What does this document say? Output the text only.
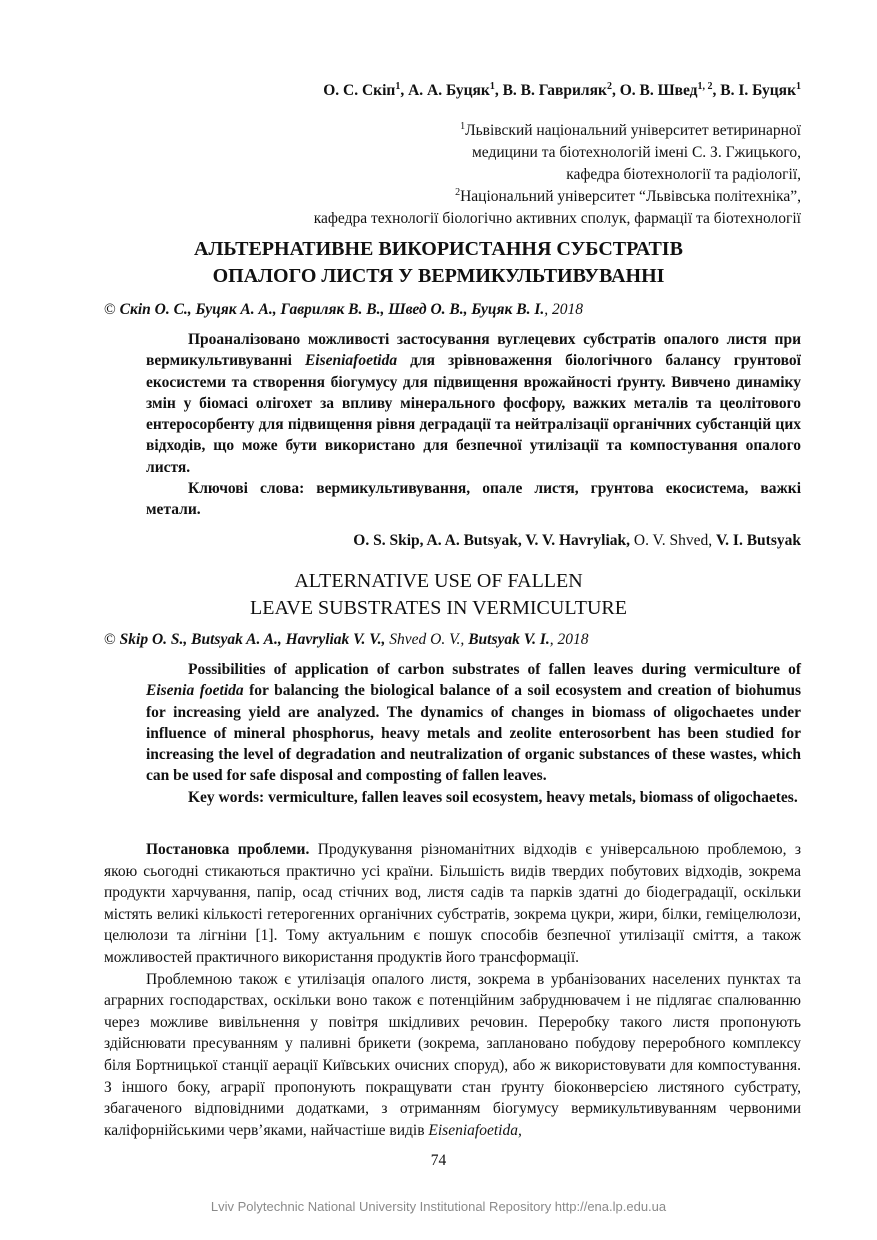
О. С. Скіп$^1$, А. А. Буцяк$^1$, В. В. Гавриляк$^2$, О. В. Швед$^{1, 2}$, В. І. Буцяк$^1$
$^1$Львівский національний університет ветиринарної
медицини та біотехнологій імені С. З. Гжицького,
кафедра біотехнології та радіології,
$^2$Національний університет “Львівська політехніка”,
кафедра технології біологічно активних сполук, фармації та біотехнології
АЛЬТЕРНАТИВНЕ ВИКОРИСТАННЯ СУБСТРАТІВ
ОПАЛОГО ЛИСТЯ У ВЕРМИКУЛЬТИВУВАННІ
© Скіп О. С., Буцяк А. А., Гавриляк В. В., Швед О. В., Буцяк В. І., 2018

Проаналізовано можливості застосування вуглецевих субстратів опалого листя при вермикультивуванні Eiseniafoetida для зрівноваження біологічного балансу грунтової екосистеми та створення біогумусу для підвищення врожайності ґрунту. Вивчено динаміку змін у біомасі олігохет за впливу мінерального фосфору, важких металів та цеолітового ентеросорбенту для підвищення рівня деградації та нейтралізації органічних субстанцій цих відходів, що може бути використано для безпечної утилізації та компостування опалого листя.

Ключові слова: вермикультивування, опале листя, грунтова екосистема, важкі метали.

O. S. Skip, A. A. Butsyak, V. V. Havryliak, O. V. Shved, V. I. Butsyak
ALTERNATIVE USE OF FALLEN
LEAVE SUBSTRATES IN VERMICULTURE
© Skip O. S., Butsyak A. A., Havryliak V. V., Shved O. V., Butsyak V. I., 2018

Possibilities of application of carbon substrates of fallen leaves during vermiculture of Eisenia foetida for balancing the biological balance of a soil ecosystem and creation of biohumus for increasing yield are analyzed. The dynamics of changes in biomass of oligochaetes under influence of mineral phosphorus, heavy metals and zeolite enterosorbent has been studied for increasing the level of degradation and neutralization of organic substances of these wastes, which can be used for safe disposal and composting of fallen leaves.

Key words: vermiculture, fallen leaves soil ecosystem, heavy metals, biomass of oligochaetes.

Постановка проблеми. Продукування різноманітних відходів є універсальною проблемою, з якою сьогодні стикаються практично усі країни. Більшість видів твердих побутових відходів, зокрема продукти харчування, папір, осад стічних вод, листя садів та парків здатні до біодеградації, оскільки містять великі кількості гетерогенних органічних субстратів, зокрема цукри, жири, білки, геміцелюлози, целюлози та лігніни [1]. Тому актуальним є пошук способів безпечної утилізації сміття, а також можливостей практичного використання продуктів його трансформації.

Проблемною також є утилізація опалого листя, зокрема в урбанізованих населених пунктах та аграрних господарствах, оскільки воно також є потенційним забруднювачем і не підлягає спалюванню через можливе вивільнення у повітря шкідливих речовин. Переробку такого листя пропонують здійснювати пресуванням у паливні брикети (зокрема, заплановано побудову переробного комплексу біля Бортницької станції аерації Київських очисних споруд), або ж використовувати для компостування. З іншого боку, аграрії пропонують покращувати стан ґрунту біоконверсією листяного субстрату, збагаченого відповідними додатками, з отриманням біогумусу вермикультивуванням червоними каліфорнійськими черв’яками, найчастіше видів Eiseniafoetida,

74
Lviv Polytechnic National University Institutional Repository http://ena.lp.edu.ua
